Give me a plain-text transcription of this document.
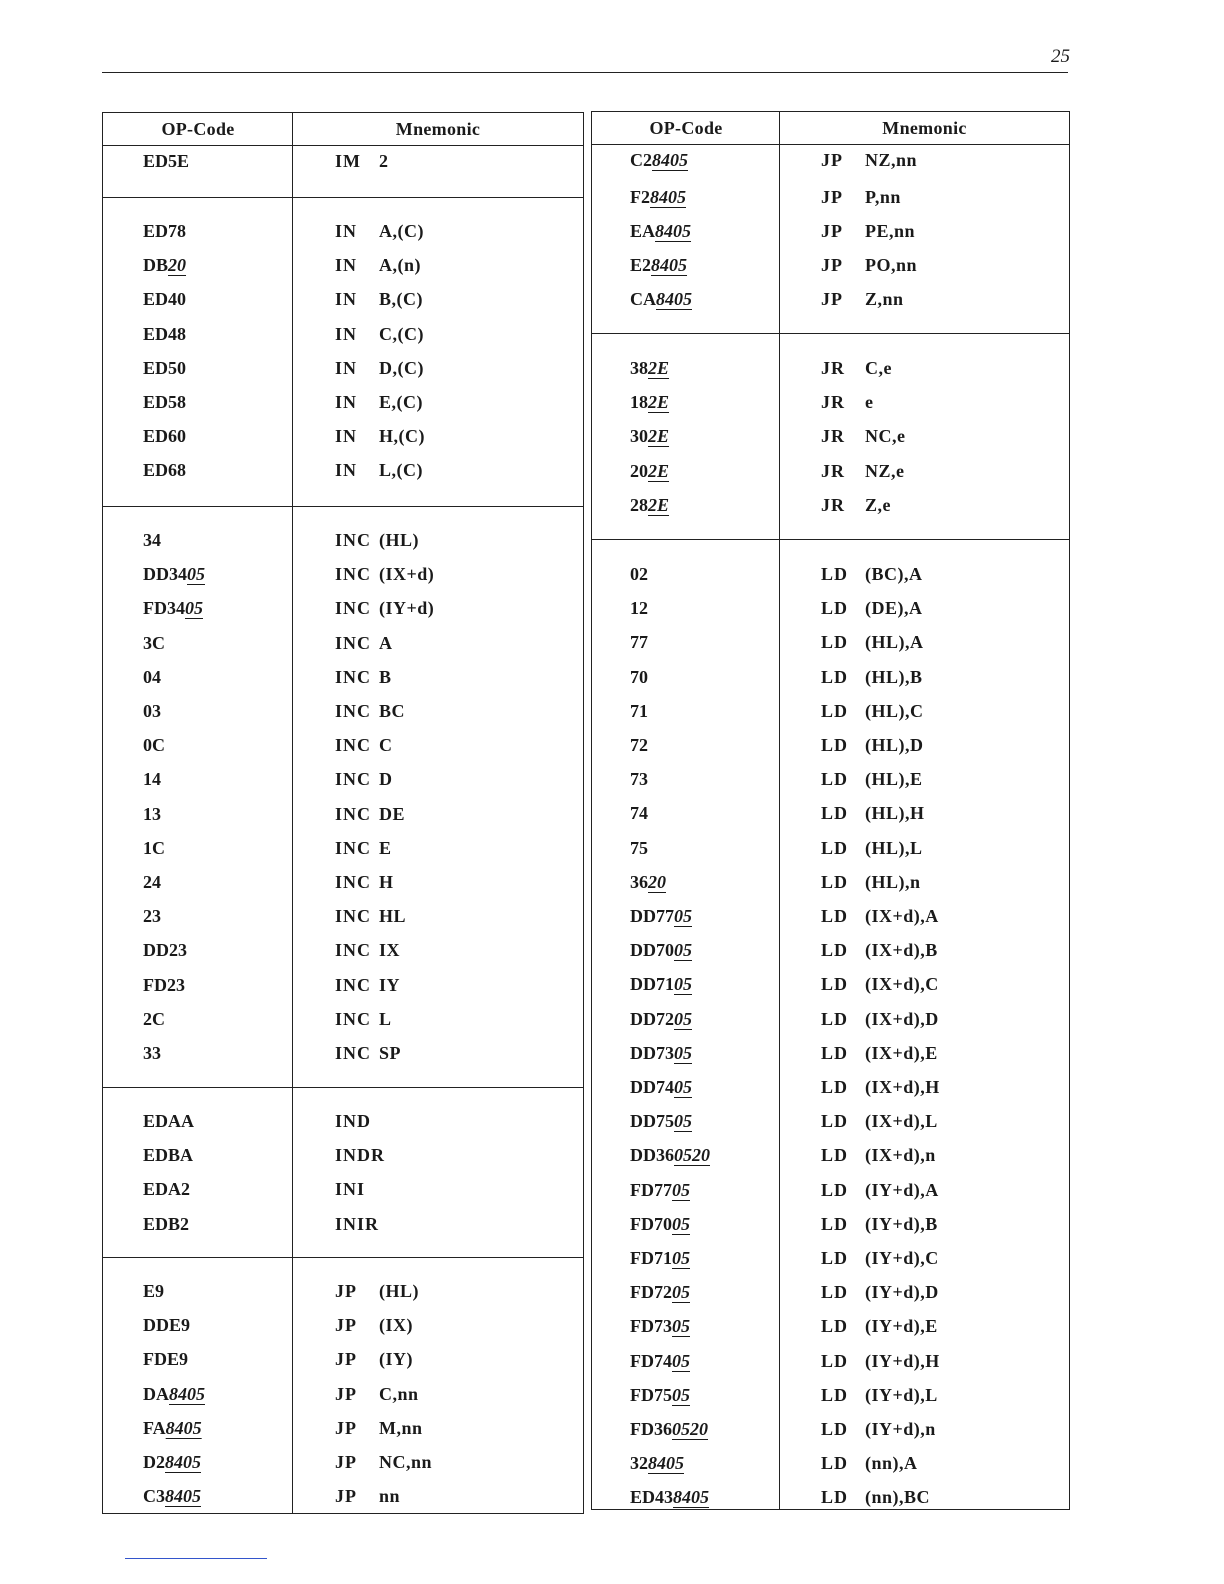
25
OP-Code	Mnemonic
ED5E	IM 2
ED78	IN A,(C)
DB20	IN A,(n)
ED40	IN B,(C)
ED48	IN C,(C)
ED50	IN D,(C)
ED58	IN E,(C)
ED60	IN H,(C)
ED68	IN L,(C)
34	INC (HL)
DD3405	INC (IX+d)
FD3405	INC (IY+d)
3C	INC A
04	INC B
03	INC BC
0C	INC C
14	INC D
13	INC DE
1C	INC E
24	INC H
23	INC HL
DD23	INC IX
FD23	INC IY
2C	INC L
33	INC SP
EDAA	IND
EDBA	INDR
EDA2	INI
EDB2	INIR
E9	JP (HL)
DDE9	JP (IX)
FDE9	JP (IY)
DA8405	JP C,nn
FA8405	JP M,nn
D28405	JP NC,nn
C38405	JP nn
OP-Code	Mnemonic
C28405	JP NZ,nn
F28405	JP P,nn
EA8405	JP PE,nn
E28405	JP PO,nn
CA8405	JP Z,nn
382E	JR C,e
182E	JR e
302E	JR NC,e
202E	JR NZ,e
282E	JR Z,e
02	LD (BC),A
12	LD (DE),A
77	LD (HL),A
70	LD (HL),B
71	LD (HL),C
72	LD (HL),D
73	LD (HL),E
74	LD (HL),H
75	LD (HL),L
3620	LD (HL),n
DD7705	LD (IX+d),A
DD7005	LD (IX+d),B
DD7105	LD (IX+d),C
DD7205	LD (IX+d),D
DD7305	LD (IX+d),E
DD7405	LD (IX+d),H
DD7505	LD (IX+d),L
DD360520	LD (IX+d),n
FD7705	LD (IY+d),A
FD7005	LD (IY+d),B
FD7105	LD (IY+d),C
FD7205	LD (IY+d),D
FD7305	LD (IY+d),E
FD7405	LD (IY+d),H
FD7505	LD (IY+d),L
FD360520	LD (IY+d),n
328405	LD (nn),A
ED438405	LD (nn),BC
